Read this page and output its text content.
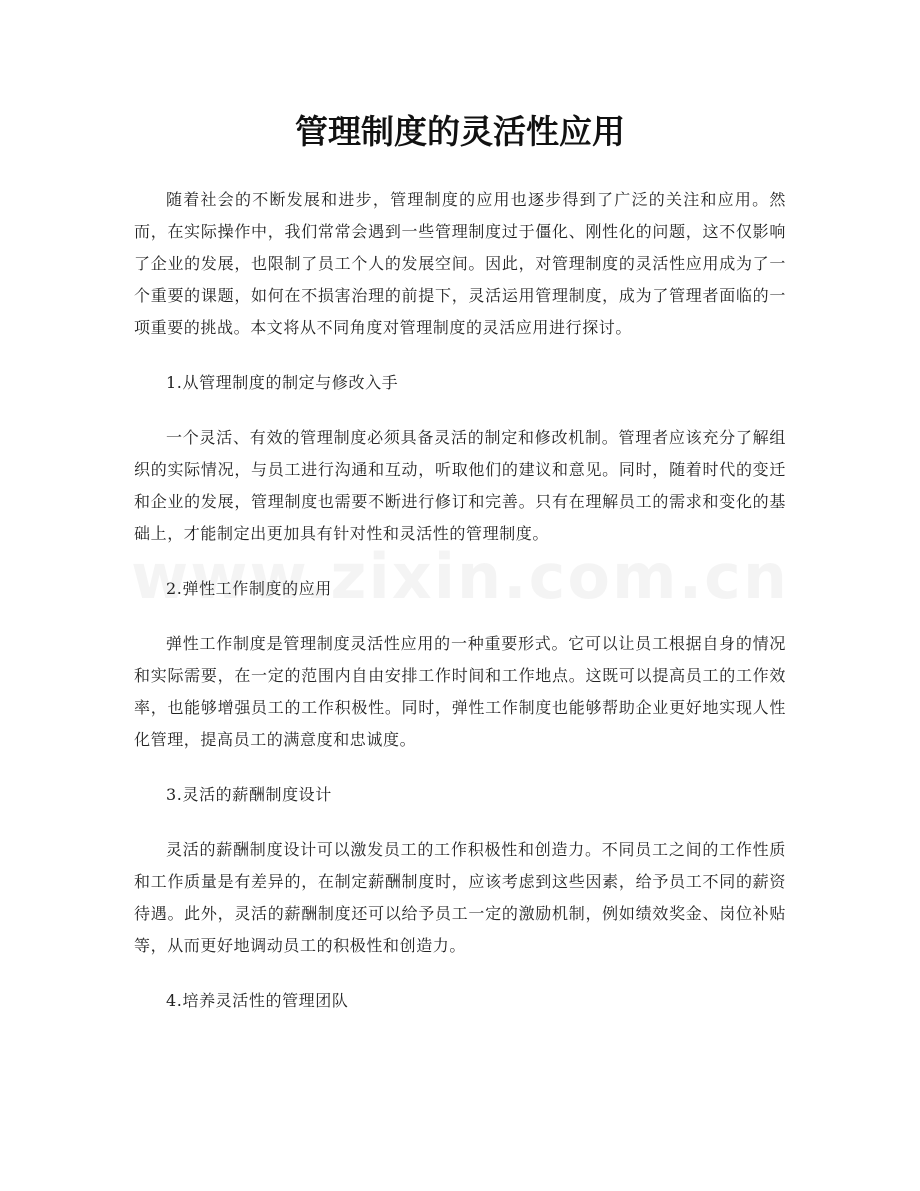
管理制度的灵活性应用

随着社会的不断发展和进步，管理制度的应用也逐步得到了广泛的关注和应用。然而，在实际操作中，我们常常会遇到一些管理制度过于僵化、刚性化的问题，这不仅影响了企业的发展，也限制了员工个人的发展空间。因此，对管理制度的灵活性应用成为了一个重要的课题，如何在不损害治理的前提下，灵活运用管理制度，成为了管理者面临的一项重要的挑战。本文将从不同角度对管理制度的灵活应用进行探讨。

1.从管理制度的制定与修改入手

一个灵活、有效的管理制度必须具备灵活的制定和修改机制。管理者应该充分了解组织的实际情况，与员工进行沟通和互动，听取他们的建议和意见。同时，随着时代的变迁和企业的发展，管理制度也需要不断进行修订和完善。只有在理解员工的需求和变化的基础上，才能制定出更加具有针对性和灵活性的管理制度。

2.弹性工作制度的应用

弹性工作制度是管理制度灵活性应用的一种重要形式。它可以让员工根据自身的情况和实际需要，在一定的范围内自由安排工作时间和工作地点。这既可以提高员工的工作效率，也能够增强员工的工作积极性。同时，弹性工作制度也能够帮助企业更好地实现人性化管理，提高员工的满意度和忠诚度。

3.灵活的薪酬制度设计

灵活的薪酬制度设计可以激发员工的工作积极性和创造力。不同员工之间的工作性质和工作质量是有差异的，在制定薪酬制度时，应该考虑到这些因素，给予员工不同的薪资待遇。此外，灵活的薪酬制度还可以给予员工一定的激励机制，例如绩效奖金、岗位补贴等，从而更好地调动员工的积极性和创造力。

4.培养灵活性的管理团队
